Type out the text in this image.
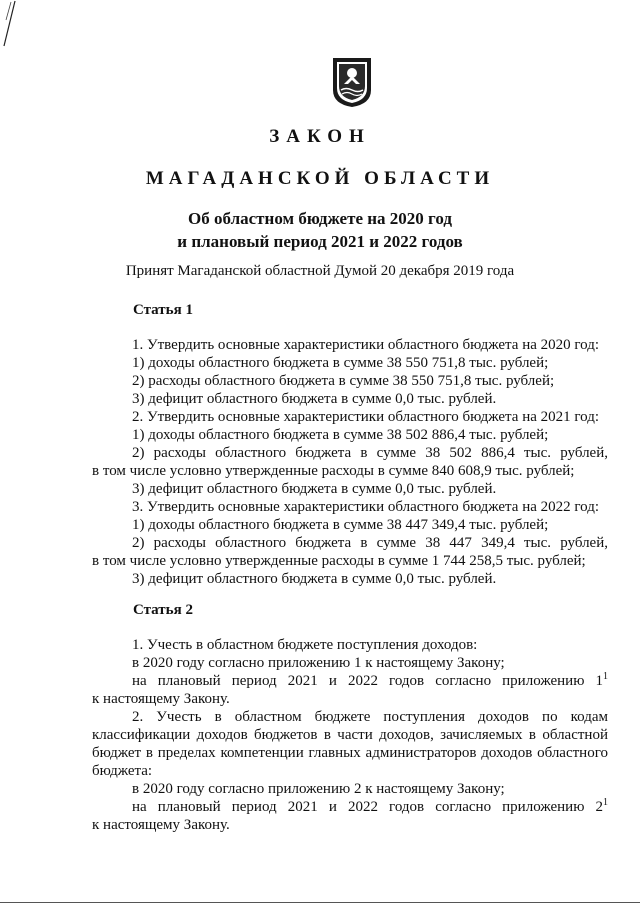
ЗАКОН
МАГАДАНСКОЙ ОБЛАСТИ
Об областном бюджете на 2020 год
и плановый период 2021 и 2022 годов
Принят Магаданской областной Думой 20 декабря 2019 года
Статья 1
1. Утвердить основные характеристики областного бюджета на 2020 год:
1) доходы областного бюджета в сумме 38 550 751,8 тыс. рублей;
2) расходы областного бюджета в сумме 38 550 751,8 тыс. рублей;
3) дефицит областного бюджета в сумме 0,0 тыс. рублей.
2. Утвердить основные характеристики областного бюджета на 2021 год:
1) доходы областного бюджета в сумме 38 502 886,4 тыс. рублей;
2) расходы областного бюджета в сумме 38 502 886,4 тыс. рублей,
в том числе условно утвержденные расходы в сумме 840 608,9 тыс. рублей;
3) дефицит областного бюджета в сумме 0,0 тыс. рублей.
3. Утвердить основные характеристики областного бюджета на 2022 год:
1) доходы областного бюджета в сумме 38 447 349,4 тыс. рублей;
2) расходы областного бюджета в сумме 38 447 349,4 тыс. рублей,
в том числе условно утвержденные расходы в сумме 1 744 258,5 тыс. рублей;
3) дефицит областного бюджета в сумме 0,0 тыс. рублей.
Статья 2
1. Учесть в областном бюджете поступления доходов:
в 2020 году согласно приложению 1 к настоящему Закону;
на плановый период 2021 и 2022 годов согласно приложению $1^1$
к настоящему Закону.
2. Учесть в областном бюджете поступления доходов по кодам
классификации доходов бюджетов в части доходов, зачисляемых в областной
бюджет в пределах компетенции главных администраторов доходов областного
бюджета:
в 2020 году согласно приложению 2 к настоящему Закону;
на плановый период 2021 и 2022 годов согласно приложению $2^1$
к настоящему Закону.
